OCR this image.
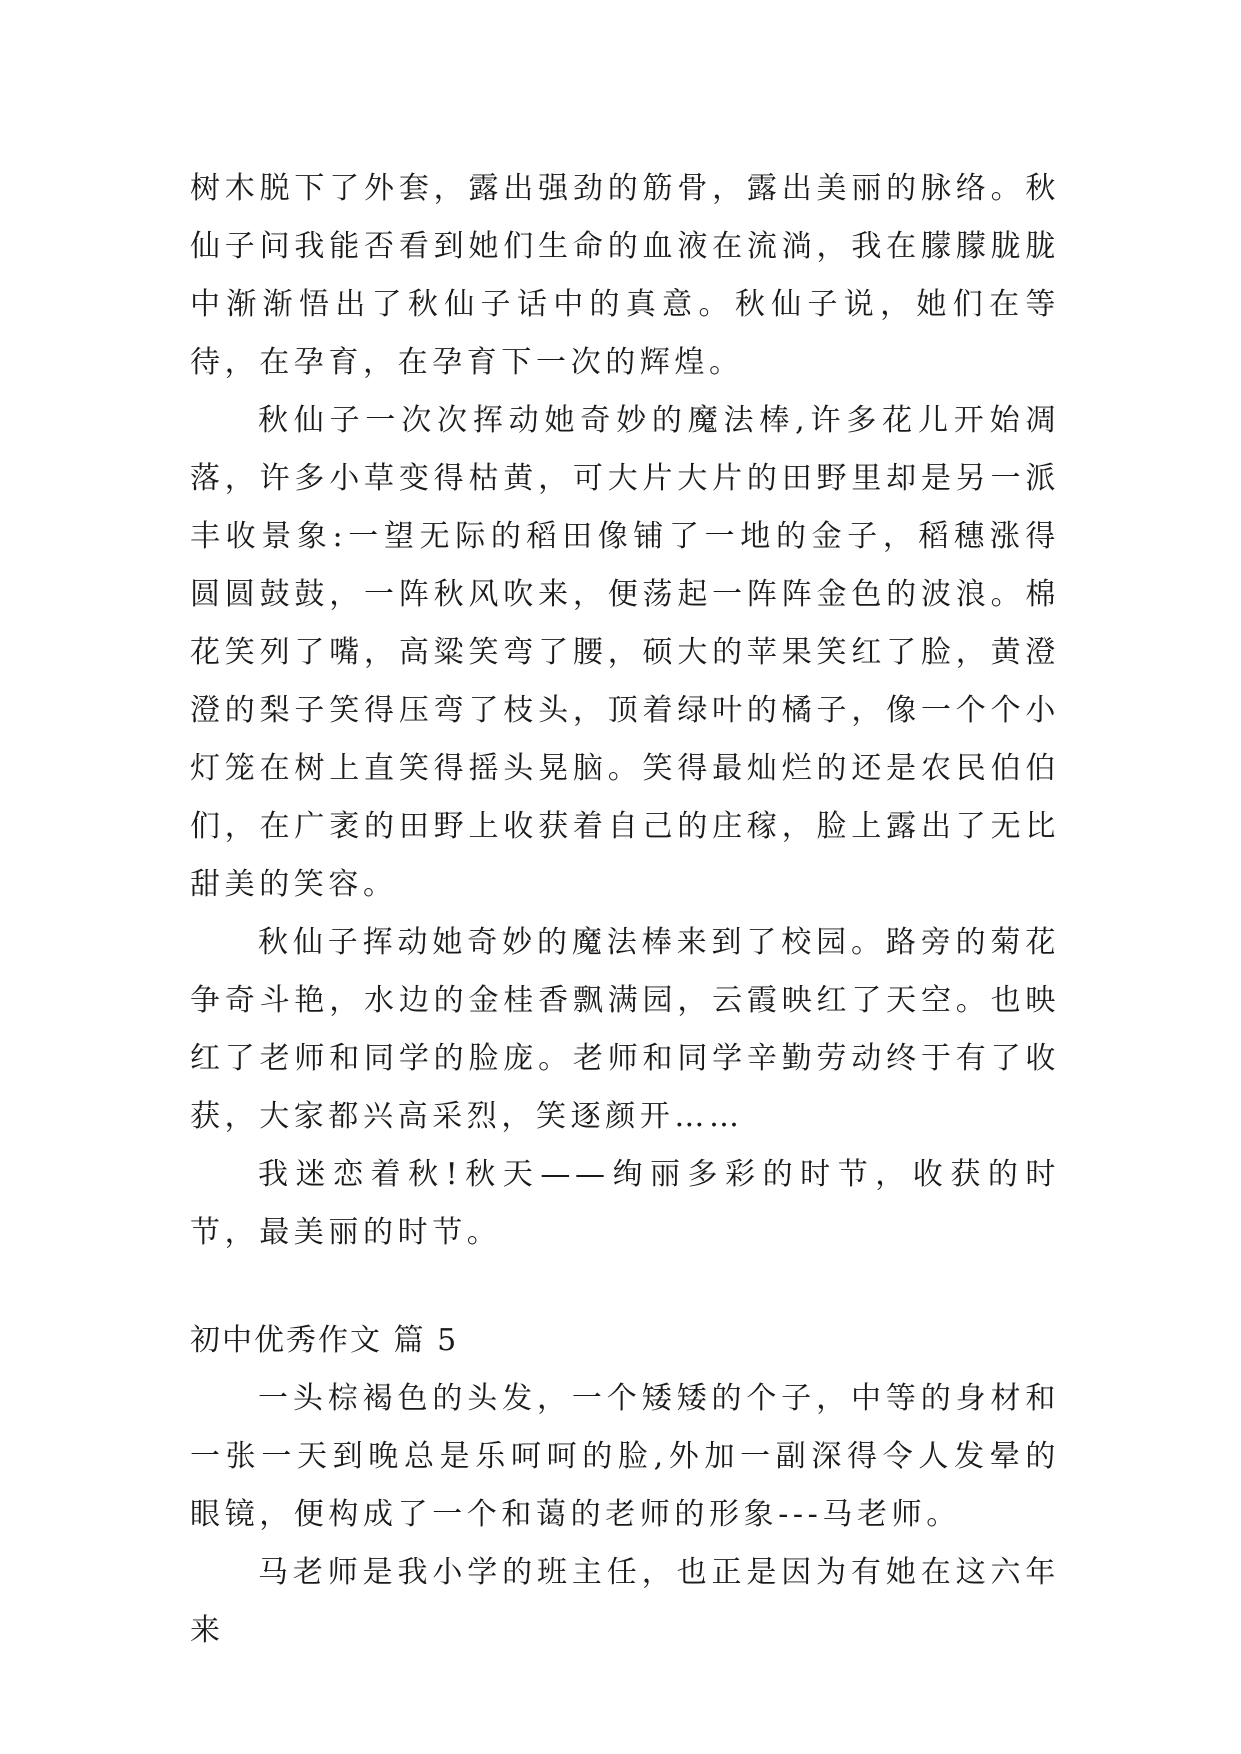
树木脱下了外套，露出强劲的筋骨，露出美丽的脉络。秋仙子问我能否看到她们生命的血液在流淌，我在朦朦胧胧中渐渐悟出了秋仙子话中的真意。秋仙子说，她们在等待，在孕育，在孕育下一次的辉煌。

秋仙子一次次挥动她奇妙的魔法棒,许多花儿开始凋落，许多小草变得枯黄，可大片大片的田野里却是另一派丰收景象:一望无际的稻田像铺了一地的金子，稻穗涨得圆圆鼓鼓，一阵秋风吹来，便荡起一阵阵金色的波浪。棉花笑列了嘴，高粱笑弯了腰，硕大的苹果笑红了脸，黄澄澄的梨子笑得压弯了枝头，顶着绿叶的橘子，像一个个小灯笼在树上直笑得摇头晃脑。笑得最灿烂的还是农民伯伯们，在广袤的田野上收获着自己的庄稼，脸上露出了无比甜美的笑容。

秋仙子挥动她奇妙的魔法棒来到了校园。路旁的菊花争奇斗艳，水边的金桂香飘满园，云霞映红了天空。也映红了老师和同学的脸庞。老师和同学辛勤劳动终于有了收获，大家都兴高采烈，笑逐颜开……

我迷恋着秋!秋天——绚丽多彩的时节，收获的时节，最美丽的时节。

初中优秀作文 篇 5

一头棕褐色的头发，一个矮矮的个子，中等的身材和一张一天到晚总是乐呵呵的脸,外加一副深得令人发晕的眼镜，便构成了一个和蔼的老师的形象---马老师。

马老师是我小学的班主任，也正是因为有她在这六年来
